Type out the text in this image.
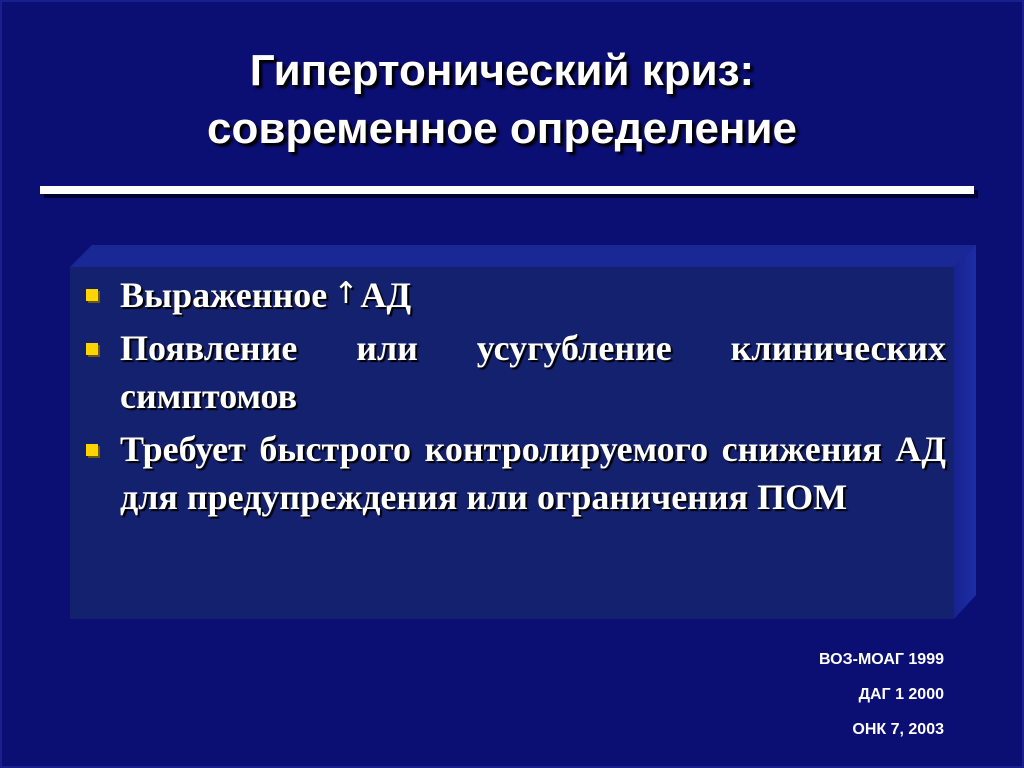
Гипертонический криз:
современное определение
Выраженное ↑АД
Появление или усугубление клинических симптомов
Требует быстрого контролируемого снижения АД для предупреждения или ограничения ПОМ
ВОЗ-МОАГ 1999
ДАГ 1 2000
ОНК 7, 2003
